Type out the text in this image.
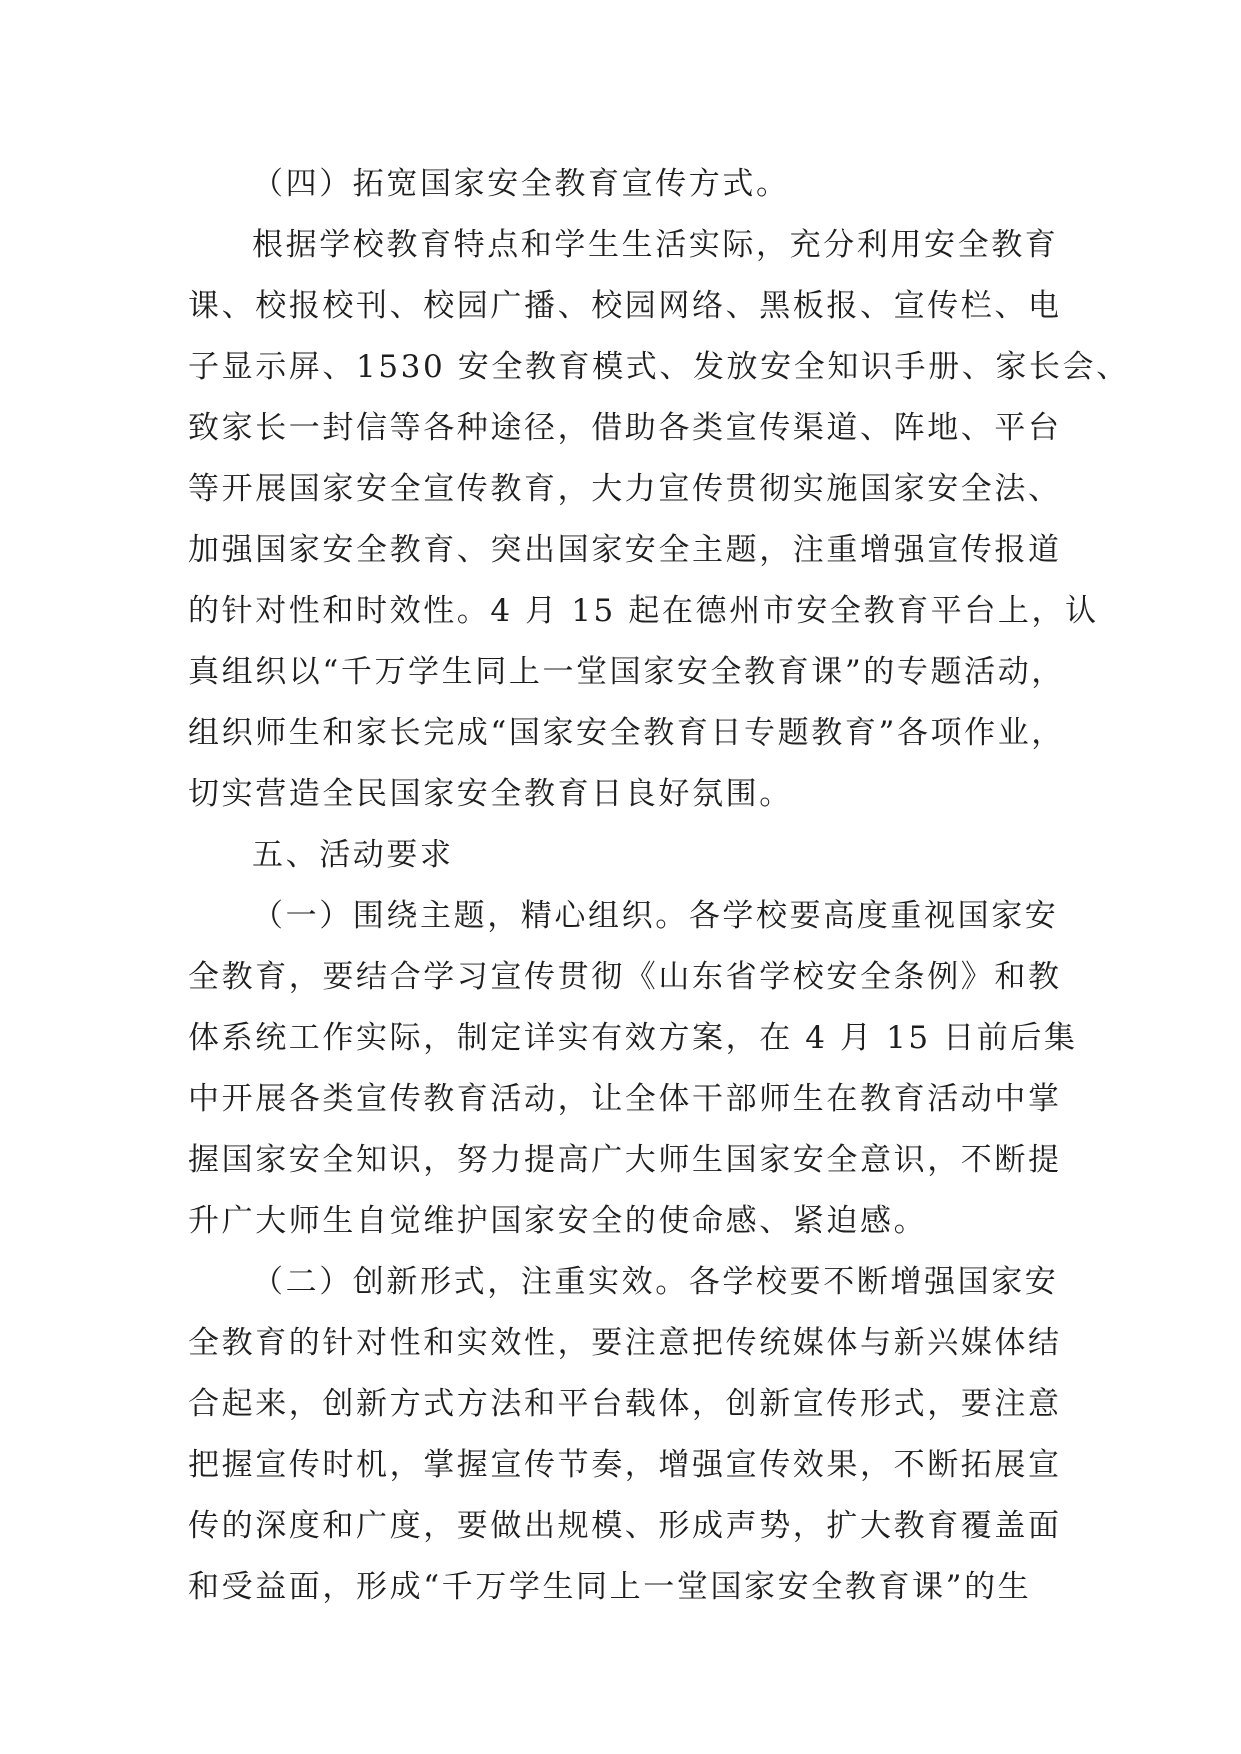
（四）拓宽国家安全教育宣传方式。
根据学校教育特点和学生生活实际，充分利用安全教育
课、校报校刊、校园广播、校园网络、黑板报、宣传栏、电
子显示屏、1530 安全教育模式、发放安全知识手册、家长会、
致家长一封信等各种途径，借助各类宣传渠道、阵地、平台
等开展国家安全宣传教育，大力宣传贯彻实施国家安全法、
加强国家安全教育、突出国家安全主题，注重增强宣传报道
的针对性和时效性。4 月 15 起在德州市安全教育平台上，认
真组织以“千万学生同上一堂国家安全教育课”的专题活动，
组织师生和家长完成“国家安全教育日专题教育”各项作业，
切实营造全民国家安全教育日良好氛围。
五、活动要求
（一）围绕主题，精心组织。各学校要高度重视国家安
全教育，要结合学习宣传贯彻《山东省学校安全条例》和教
体系统工作实际，制定详实有效方案，在 4 月 15 日前后集
中开展各类宣传教育活动，让全体干部师生在教育活动中掌
握国家安全知识，努力提高广大师生国家安全意识，不断提
升广大师生自觉维护国家安全的使命感、紧迫感。
（二）创新形式，注重实效。各学校要不断增强国家安
全教育的针对性和实效性，要注意把传统媒体与新兴媒体结
合起来，创新方式方法和平台载体，创新宣传形式，要注意
把握宣传时机，掌握宣传节奏，增强宣传效果，不断拓展宣
传的深度和广度，要做出规模、形成声势，扩大教育覆盖面
和受益面，形成“千万学生同上一堂国家安全教育课”的生
